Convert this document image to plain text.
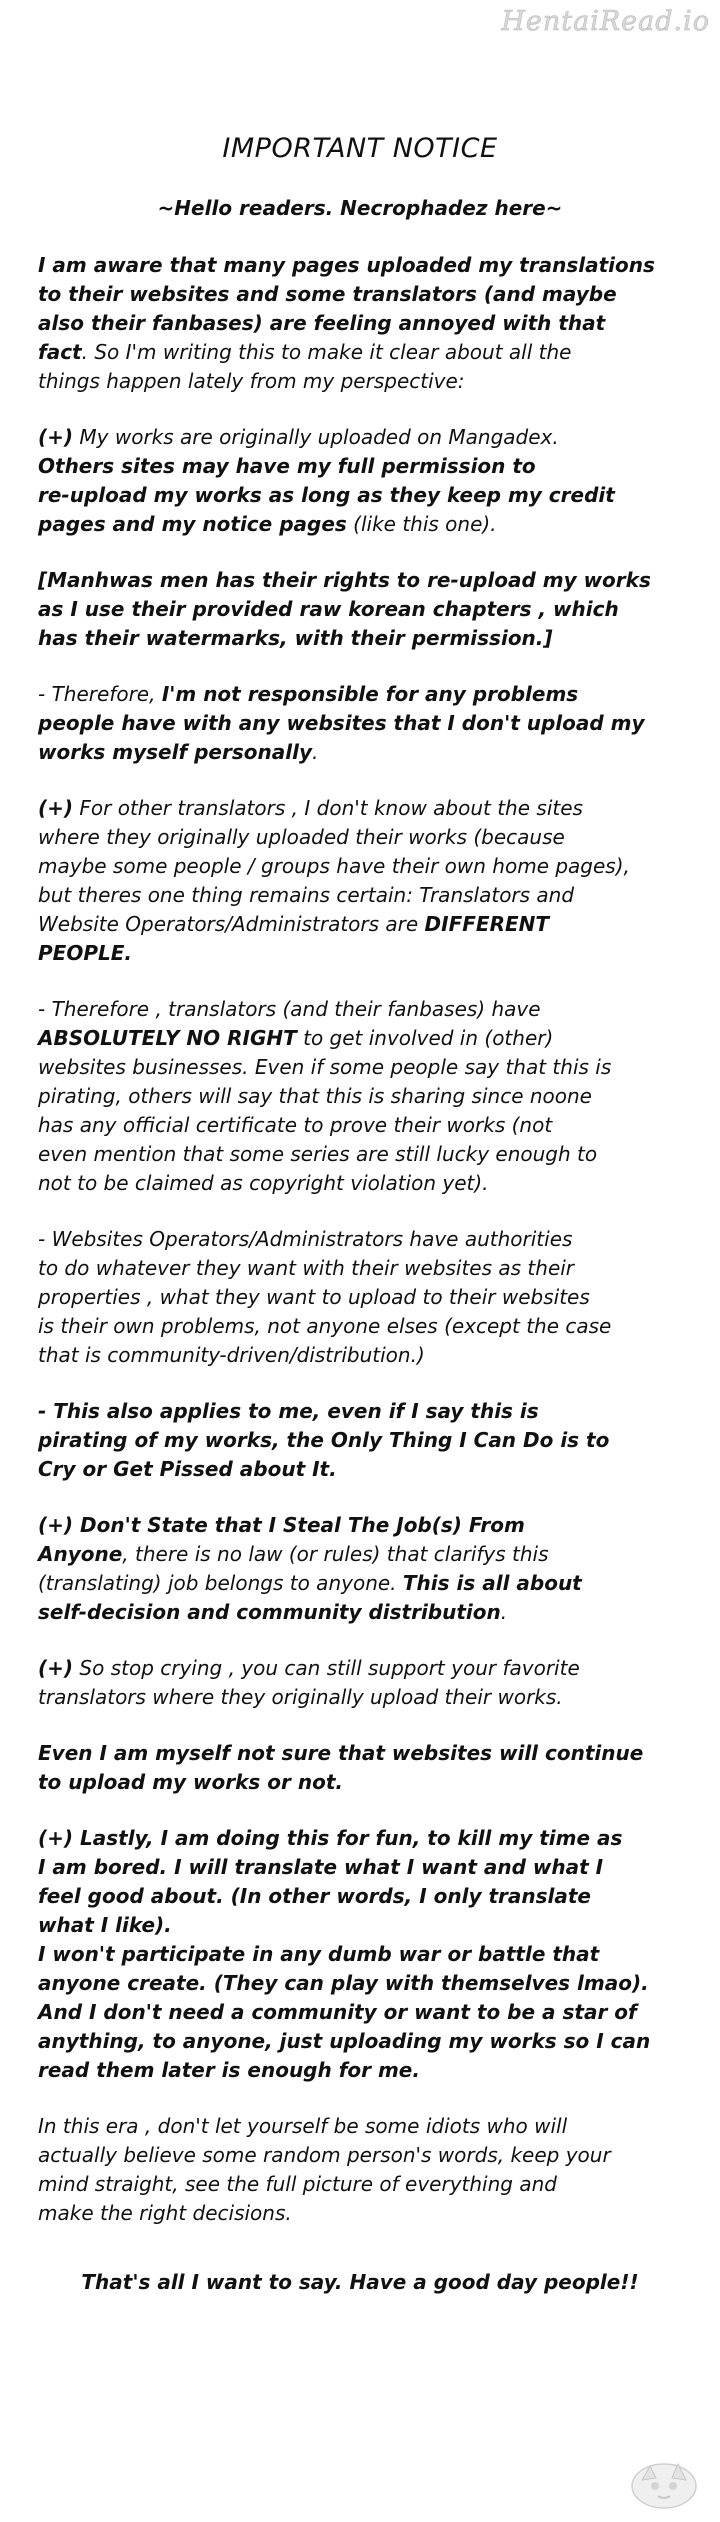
HentaiRead.io
IMPORTANT NOTICE
~Hello readers. Necrophadez here~
I am aware that many pages uploaded my translations
to their websites and some translators (and maybe
also their fanbases) are feeling annoyed with that
fact. So I'm writing this to make it clear about all the
things happen lately from my perspective:
(+) My works are originally uploaded on Mangadex.
Others sites may have my full permission to
re-upload my works as long as they keep my credit
pages and my notice pages (like this one).
[Manhwas men has their rights to re-upload my works
as I use their provided raw korean chapters , which
has their watermarks, with their permission.]
- Therefore, I'm not responsible for any problems
people have with any websites that I don't upload my
works myself personally.
(+) For other translators , I don't know about the sites
where they originally uploaded their works (because
maybe some people / groups have their own home pages),
but theres one thing remains certain: Translators and
Website Operators/Administrators are DIFFERENT
PEOPLE.
- Therefore , translators (and their fanbases) have
ABSOLUTELY NO RIGHT to get involved in (other)
websites businesses. Even if some people say that this is
pirating, others will say that this is sharing since noone
has any official certificate to prove their works (not
even mention that some series are still lucky enough to
not to be claimed as copyright violation yet).
- Websites Operators/Administrators have authorities
to do whatever they want with their websites as their
properties , what they want to upload to their websites
is their own problems, not anyone elses (except the case
that is community-driven/distribution.)
- This also applies to me, even if I say this is
pirating of my works, the Only Thing I Can Do is to
Cry or Get Pissed about It.
(+) Don't State that I Steal The Job(s) From
Anyone, there is no law (or rules) that clarifys this
(translating) job belongs to anyone. This is all about
self-decision and community distribution.
(+) So stop crying , you can still support your favorite
translators where they originally upload their works.
Even I am myself not sure that websites will continue
to upload my works or not.
(+) Lastly, I am doing this for fun, to kill my time as
I am bored. I will translate what I want and what I
feel good about. (In other words, I only translate
what I like).
I won't participate in any dumb war or battle that
anyone create. (They can play with themselves lmao).
And I don't need a community or want to be a star of
anything, to anyone, just uploading my works so I can
read them later is enough for me.
In this era , don't let yourself be some idiots who will
actually believe some random person's words, keep your
mind straight, see the full picture of everything and
make the right decisions.
That's all I want to say. Have a good day people!!
